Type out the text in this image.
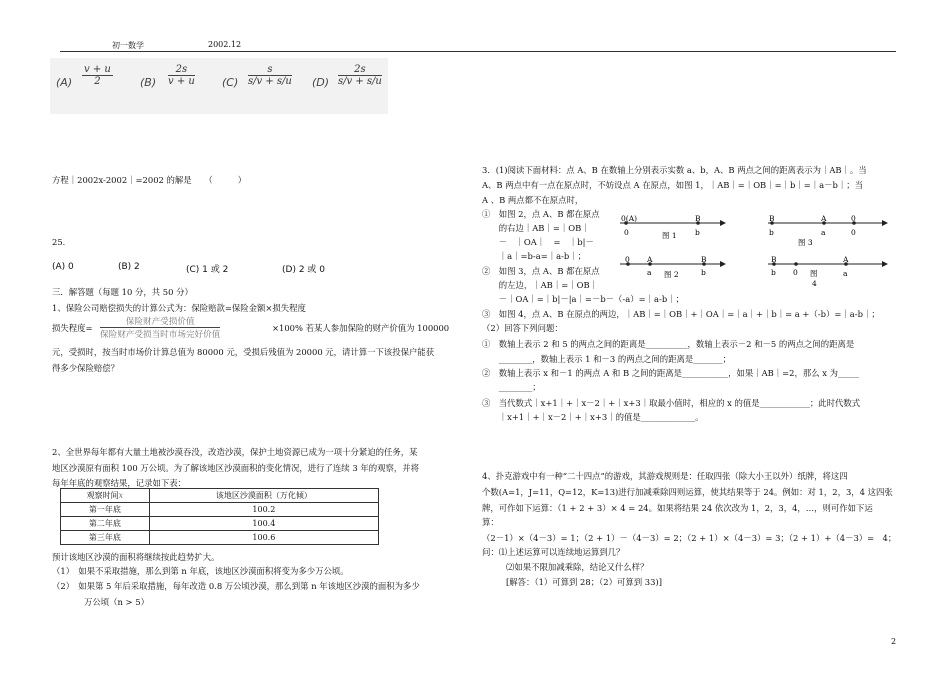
初一数学	2002.12
$(A) \frac{v + u}{2} (B) \frac{2s}{v + u} (C) \frac{s}{s/v + s/u} (D) \frac{2s}{s/v + s/u}$
方程｜2002x-2002｜=2002 的解是　　（　　　）
25．
(A) 0	(B) 2	(C) 1 或 2	(D) 2 或 0
三．解答题（每题 10 分，共 50 分）
1、保险公司赔偿损失的计算公式为：保险赔款=保险金额×损失程度
损失程度=
保险财产受损价值
保险财产受损当时市场完好价值
×100% 若某人参加保险的财产价值为 100000
元，受损时，按当时市场价计算总值为 80000 元，受损后残值为 20000 元，请计算一下该投保户能获
得多少保险赔偿？
2、全世界每年都有大量土地被沙漠吞没，改造沙漠，保护土地资源已成为一项十分紧迫的任务，某
地区沙漠原有面积 100 万公顷。为了解该地区沙漠面积的变化情况，进行了连续 3 年的观察，并将
每年年底的观察结果，记录如下表：
观察时间x	该地区沙漠面积（万化倾）
第一年底	100.2
第二年底	100.4
第三年底	100.6
预计该地区沙漠的面积将继续按此趋势扩大。
（1）　如果不采取措施，那么到第 n 年底，该地区沙漠面积将变为多少万公顷。
（2）　如果第 5 年后采取措施，每年改造 0.8 万公顷沙漠，那么到第 n 年该地区沙漠的面积为多少
万公顷（n > 5）
3．(1)阅读下面材料：点 A、B 在数轴上分别表示实数 a、b，A、B 两点之间的距离表示为｜AB｜。当
A、B 两点中有一点在原点时，不妨设点 A 在原点，如图 1，｜AB｜=｜OB｜=｜b｜=｜a－b｜；当
A 、B 两点都不在原点时，
①　如图 2，点 A、B 都在原点
　　的右边｜AB｜=｜OB｜
　　－　｜OA｜　=　｜b|－
　　｜a｜=b-a=｜a-b｜；
②　如图 3，点 A、B 都在原点
　　的左边，｜AB｜=｜OB｜
　　－｜OA｜=｜b|－|a｜=－b－（-a）=｜a-b｜；
③　如图 4，点 A、B 在原点的两边，｜AB｜=｜OB｜+｜OA｜=｜a｜+｜b｜= a +（-b）=｜a-b｜；
0(A)
0
B
b
图 1
B
b
A
a
0
0
图 3
0 A
a
B
b
图 2
B
b 0
A
a
图
4
（2）回答下列问题：
①　数轴上表示 2 和 5 的两点之间的距离是__________，数轴上表示－2 和－5 的两点之间的距离是
　　________，数轴上表示 1 和－3 的两点之间的距离是_______；
②　数轴上表示 x 和－1 的两点 A 和 B 之间的距离是___________，如果｜AB｜=2，那么 x 为_____
　　________；
③　当代数式｜x+1｜+｜x－2｜+｜x+3｜取最小值时，相应的 x 的值是____________；此时代数式
　　｜x+1｜+｜x－2｜+｜x+3｜的值是_____________。
4、扑克游戏中有一种“二十四点”的游戏，其游戏规则是：任取四张（除大小王以外）纸牌，将这四
个数(A=1，J=11，Q=12，K=13)进行加减乘除四则运算，使其结果等于 24。例如：对 1，2，3，4 这四张
牌，可作如下运算：（1 + 2 + 3）× 4 = 24。如果将结果 24 依次改为 1，2，3，4，…，则可作如下运
算：
（2－1）×（4－3）= 1；（2 + 1）－（4－3）= 2；（2 + 1）×（4－3）= 3；（2 + 1）+（4－3）=　4；
问：⑴上述运算可以连续地运算到几？
⑵如果不限加减乘除，结论又什么样？
[解答：（1）可算到 28；（2）可算到 33)]
2
